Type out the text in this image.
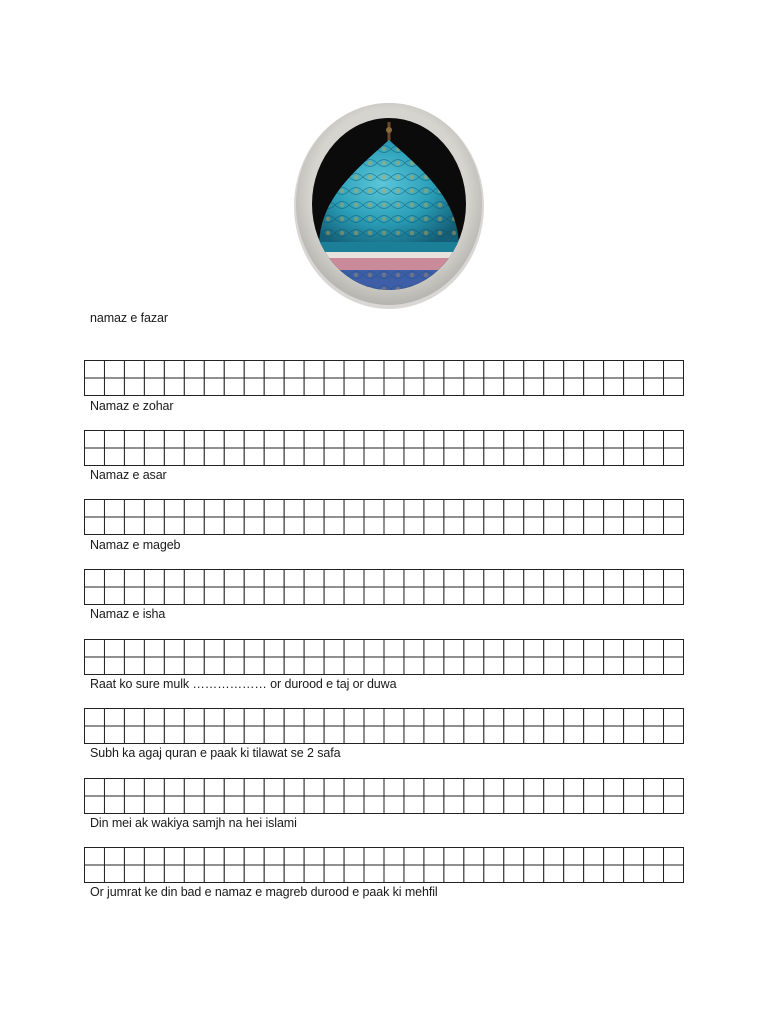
namaz e fazar
Namaz e zohar
Namaz e asar
Namaz e mageb
Namaz e isha
Raat ko sure mulk ……………… or durood e taj or duwa
Subh ka agaj quran e paak ki tilawat se 2 safa
Din mei ak wakiya samjh na hei islami
Or jumrat ke din bad e namaz e magreb durood e paak ki mehfil
